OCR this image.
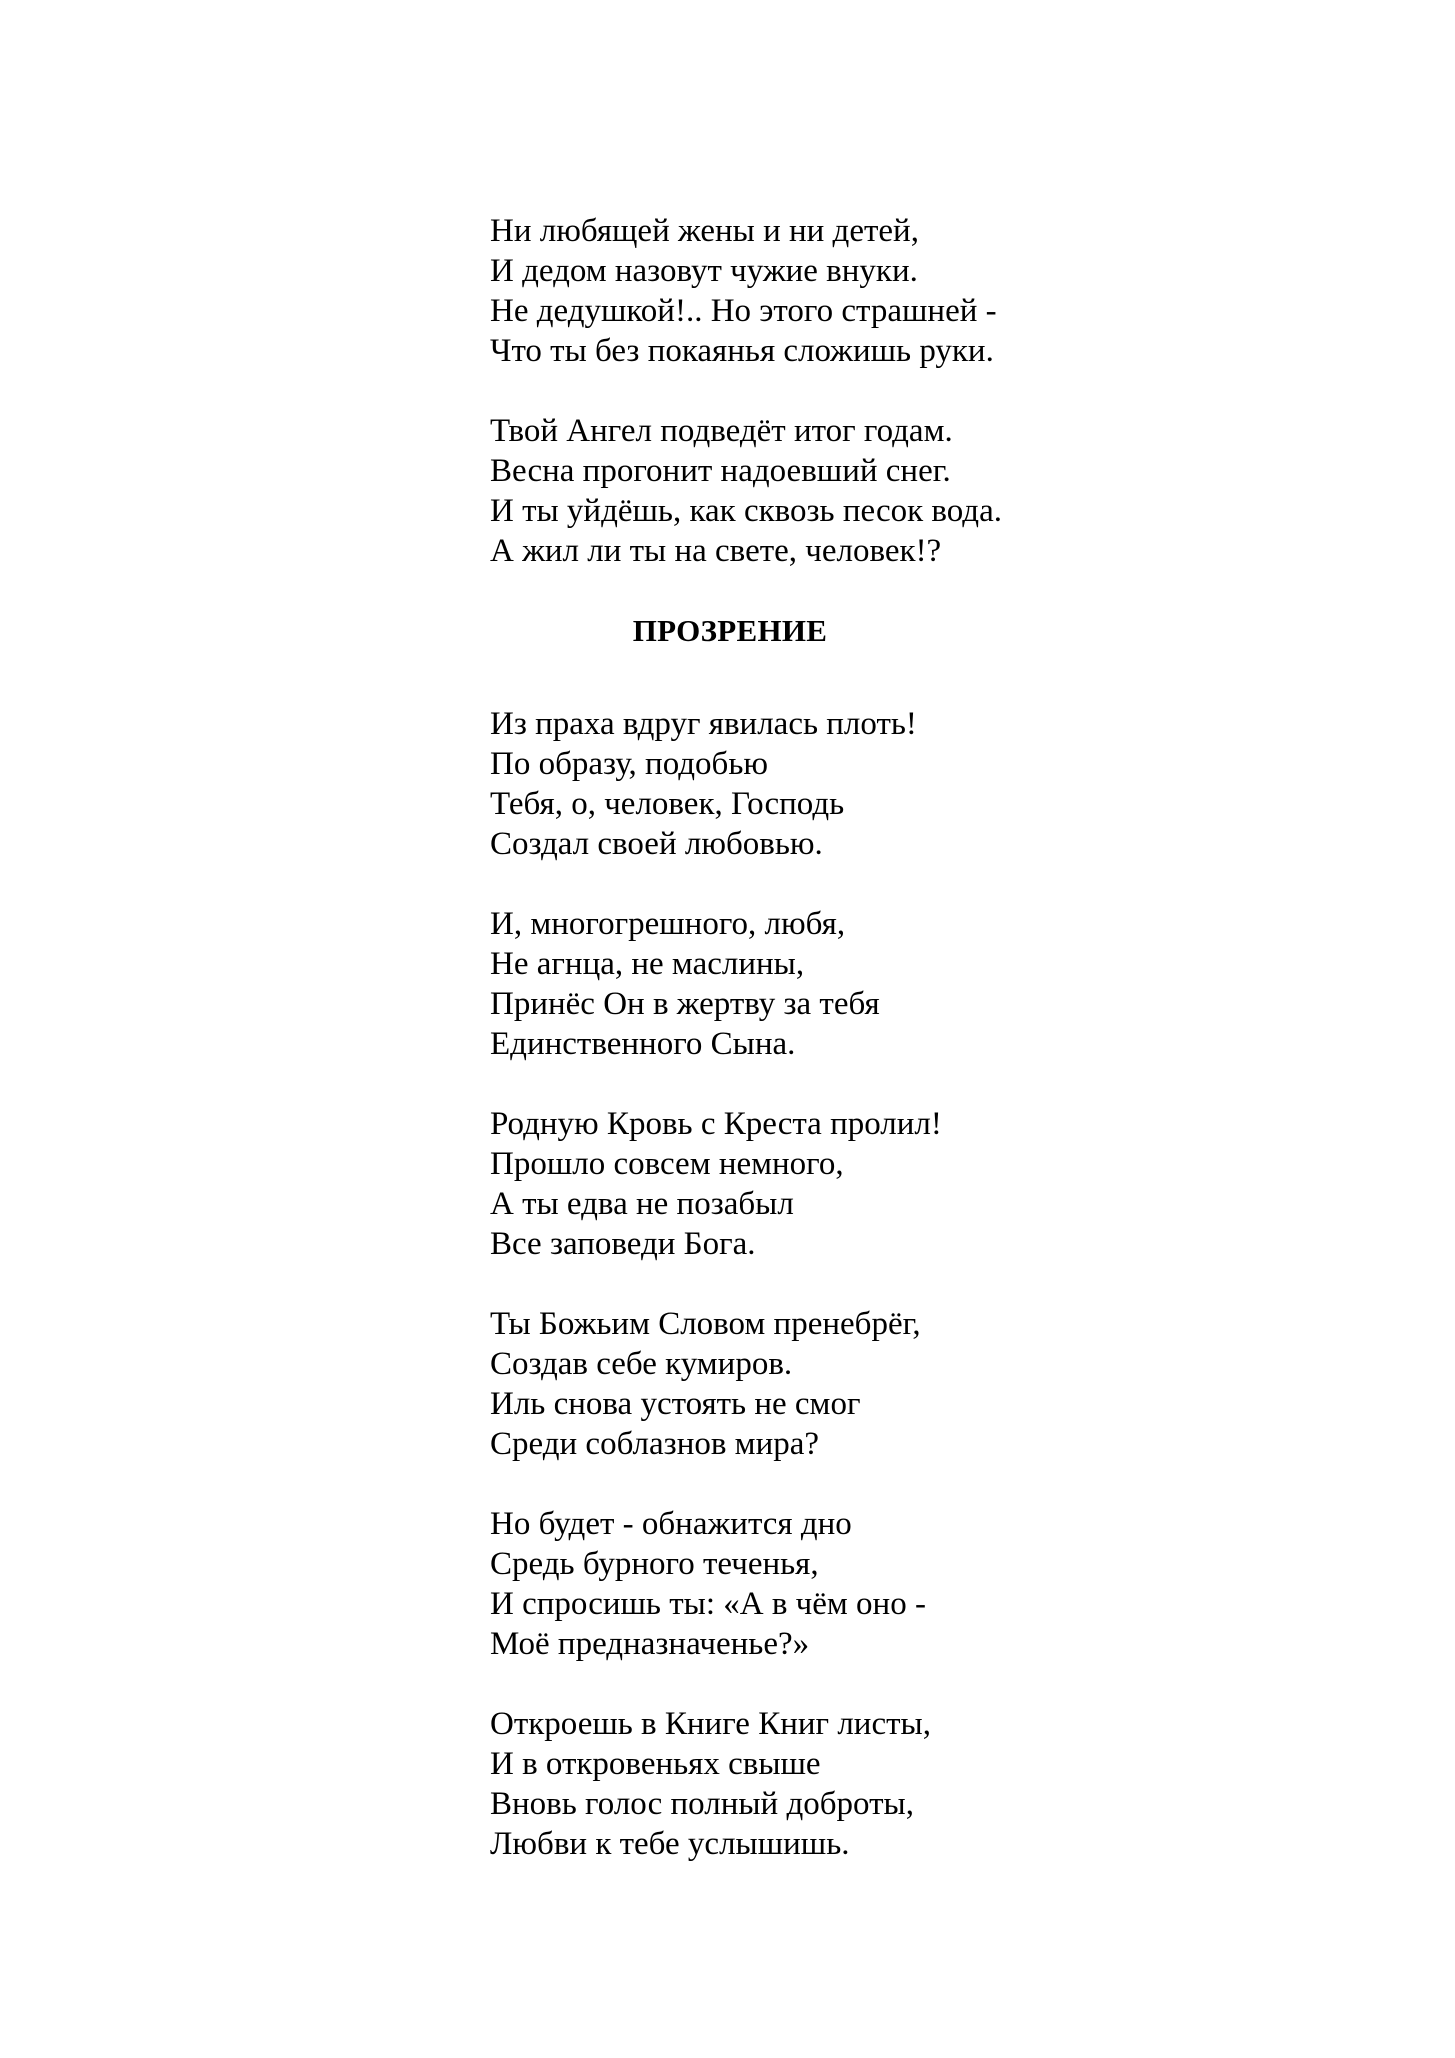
Ни любящей жены и ни детей,
И дедом назовут чужие внуки.
Не дедушкой!.. Но этого страшней -
Что ты без покаянья сложишь руки.
Твой Ангел подведёт итог годам.
Весна прогонит надоевший снег.
И ты уйдёшь, как сквозь песок вода.
А жил ли ты на свете, человек!?
ПРОЗРЕНИЕ
Из праха вдруг явилась плоть!
По образу, подобью
Тебя, о, человек, Господь
Создал своей любовью.
И, многогрешного, любя,
Не агнца, не маслины,
Принёс Он в жертву за тебя
Единственного Сына.
Родную Кровь с Креста пролил!
Прошло совсем немного,
А ты едва не позабыл
Все заповеди Бога.
Ты Божьим Словом пренебрёг,
Создав себе кумиров.
Иль снова устоять не смог
Среди соблазнов мира?
Но будет - обнажится дно
Средь бурного теченья,
И спросишь ты: «А в чём оно -
Моё предназначенье?»
Откроешь в Книге Книг листы,
И в откровеньях свыше
Вновь голос полный доброты,
Любви к тебе услышишь.
